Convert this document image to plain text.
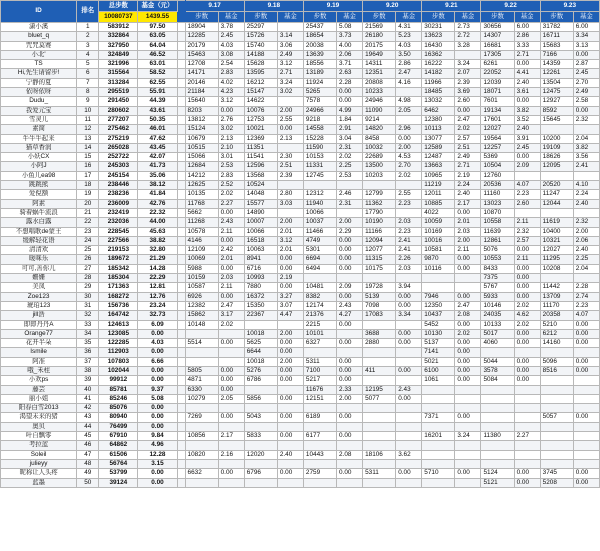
ID	排名	总步数	基金（元）		9.17		9.18		9.19		9.20		9.21		9.22		9.23	
		10080737	1439.55		步数	基金	步数	基金	步数	基金	步数	基金	步数	基金	步数	基金	步数	基金
潇小溪	1	583912	97.50		18904	3.78	25297		25437	5.08	21569	4.31	30231	2.73	30656	6.00	31782	6.00
bluet_q	2	332864	63.05		12285	2.45	15726	3.14	18654	3.73	26180	5.23	13623	2.72	14307	2.86	16711	3.34
咒咒莫赛	3	327950	64.04		20179	4.03	15740	3.06	20038	4.00	20175	4.03	16430	3.28	16681	3.33	15683	3.13
小北'	4	324849	46.52		15463	3.08	14188	2.49	13639	2.06	19649	3.50	16362		17305	2.71	7166	0.00
TS	5	321996	63.01		12708	2.54	15628	3.12	18556	3.71	14311	2.86	16222	3.24	6261	0.00	14359	2.87
Hi,先生请留步!	6	315564	58.52		14171	2.83	13595	2.71	13189	2.63	12351	2.47	14182	2.07	22052	4.41	12261	2.45
宁静的夏	7	313284	62.55		20146	4.02	16212	3.24	11924	2.28	20808	4.16	11966	2.39	12039	2.40	13504	2.70
依呀依呀	8	295519	55.91		21184	4.23	15147	3.02	5265	0.00	10233		18485	3.69	18071	3.61	12475	2.49
Dudu_	9	291450	44.39		15640	3.12	14622		7578	0.00	24946	4.98	13032	2.60	7601	0.00	12927	2.58
我爱元宝	10	280602	43.61		8203	0.00	10076	2.00	24966	4.99	11090	2.05	6462	0.00	19134	3.82	8592	0.00
雪灵儿	11	277207	50.35		13812	2.76	12753	2.55	9218	1.84	9214		12380	2.47	17601	3.52	15645	2.32
素简	12	275462	46.01		15124	3.02	10021	0.00	14558	2.91	14820	2.96	10113	2.02	12027	2.40		
牛牛牛起来	13	275219	47.62		10679	2.13	12369	2.13	15228	3.04	8458	0.00	13077	2.57	19564	3.91	10200	2.04
猫草香润	14	265028	43.45		10515	2.10	11351		11590	2.31	10032	2.00	12589	2.51	12257	2.45	19109	3.82
小妖CX	15	252722	42.07		15066	3.01	11541	2.30	10153	2.02	22689	4.53	12487	2.49	5369	0.00	18626	3.56
小阿J	16	245303	41.73		12684	2.53	12596	2.51	11331	2.25	13500	2.70	13663	2.71	10504	2.09	12095	2.41
小鱼儿ea98	17	245154	35.06		14212	2.83	13568	2.39	12745	2.53	10203	2.02	10965	2.19	12760			
跳跳熊	18	238446	38.12		12625	2.52	10524						11219	2.24	20536	4.07	20520	4.10
爱倪额	19	238236	41.84		10135	2.02	14048	2.80	12312	2.46	12799	2.55	12011	2.40	11160	2.23	11247	2.24
阿素	20	236009	42.76		11768	2.27	15577	3.03	11940	2.31	11362	2.23	10885	2.17	13023	2.60	12044	2.40
骑着蜗牛流浪	21	232419	22.32		5662	0.00	14890		10066		17790		4022	0.00	10870			
露水白露	22	232036	44.00		11268	2.43	10007	2.00	10037	2.00	10190	2.03	10059	2.01	10558	2.11	11619	2.32
不想唱歌de蒙王	23	228545	45.63		10578	2.11	10066	2.01	11466	2.29	11166	2.23	10169	2.03	11639	2.32	10400	2.00
缓解轻花语	24	227566	38.82		4146	0.00	16518	3.12	4749	0.00	12094	2.41	10016	2.00	12861	2.57	10321	2.06
清清欢	25	219153	32.80		12109	2.42	10063	2.01	5301	0.00	12077	2.41	10581	2.11	5076	0.00	12027	2.40
暖咪乐	26	189672	21.29		10069	2.01	8941	0.00	6694	0.00	11315	2.26	9870	0.00	10553	2.11	11295	2.25
可可,善你儿	27	185342	14.28		5988	0.00	6716	0.00	6494	0.00	10175	2.03	10116	0.00	8433	0.00	10208	2.04
姗姗	28	185304	22.29		10159	2.03	10993	2.19							7375	0.00		
美凤	29	171363	12.81		10587	2.11	7880	0.00	10481	2.09	19728	3.94			5767	0.00	11442	2.28
Zoe123	30	168272	12.76		6926	0.00	16372	3.27	8382	0.00	5139	0.00	7946	0.00	5933	0.00	13709	2.74
琥珀123	31	156736	23.24		12382	2.47	15350	3.07	12174	2.43	7098	0.00	12350	2.47	10146	2.02	11170	2.23
jill浩	32	164742	32.73		15862	3.17	22367	4.47	21376	4.27	17083	3.34	10437	2.08	24035	4.62	20358	4.07
即即丹丹A	33	124613	6.09		10148	2.02			2215	0.00			5452	0.00	10133	2.02	5210	0.00
Orange77	34	123085	0.00				10018	2.00	10101		3688	0.00	10130	2.02	5017	0.00	6212	0.00
花开半朵	35	122285	4.03		5514	0.00	5625	0.00	6327	0.00	2880	0.00	5137	0.00	4060	0.00	14160	0.00
Ismile	36	112903	0.00				6644	0.00					7141	0.00				
阿准	37	107803	6.66				10018	2.00	5311	0.00			5021	0.00	5044	0.00	5096	0.00
哦_禾柱	38	102044	0.00		5805	0.00	5276	0.00	7100	0.00	411	0.00	6100	0.00	3578	0.00	8516	0.00
小欢ps	39	99912	0.00		4871	0.00	6786	0.00	5217	0.00			1061	0.00	5084	0.00		
藤芸	40	85781	9.37		6330	0.00			11676	2.33	12195	2.43						
丽小姐	41	85246	5.08		10279	2.05	5856	0.00	12151	2.00	5077	0.00						
阳春白雪2013	42	85076	0.00															
渴望未来的猪	43	80940	0.00		7269	0.00	5043	0.00	6189	0.00			7371	0.00			5057	0.00
奥贝	44	76499	0.00															
叶自飘零	45	67910	9.84		10856	2.17	5833	0.00	6177	0.00			16201	3.24	11380	2.27		
考拉蓝	46	64862	4.96															
Soleil	47	61506	12.28		10820	2.16	12020	2.40	10443	2.08	18106	3.62						
julieyy	48	56764	3.15															
昵称让人头疼	49	53799	0.00		6632	0.00	6796	0.00	2759	0.00	5311	0.00	5710	0.00	5124	0.00	3745	0.00
蓝墨	50	39124	0.00												5121	0.00	5208	0.00
